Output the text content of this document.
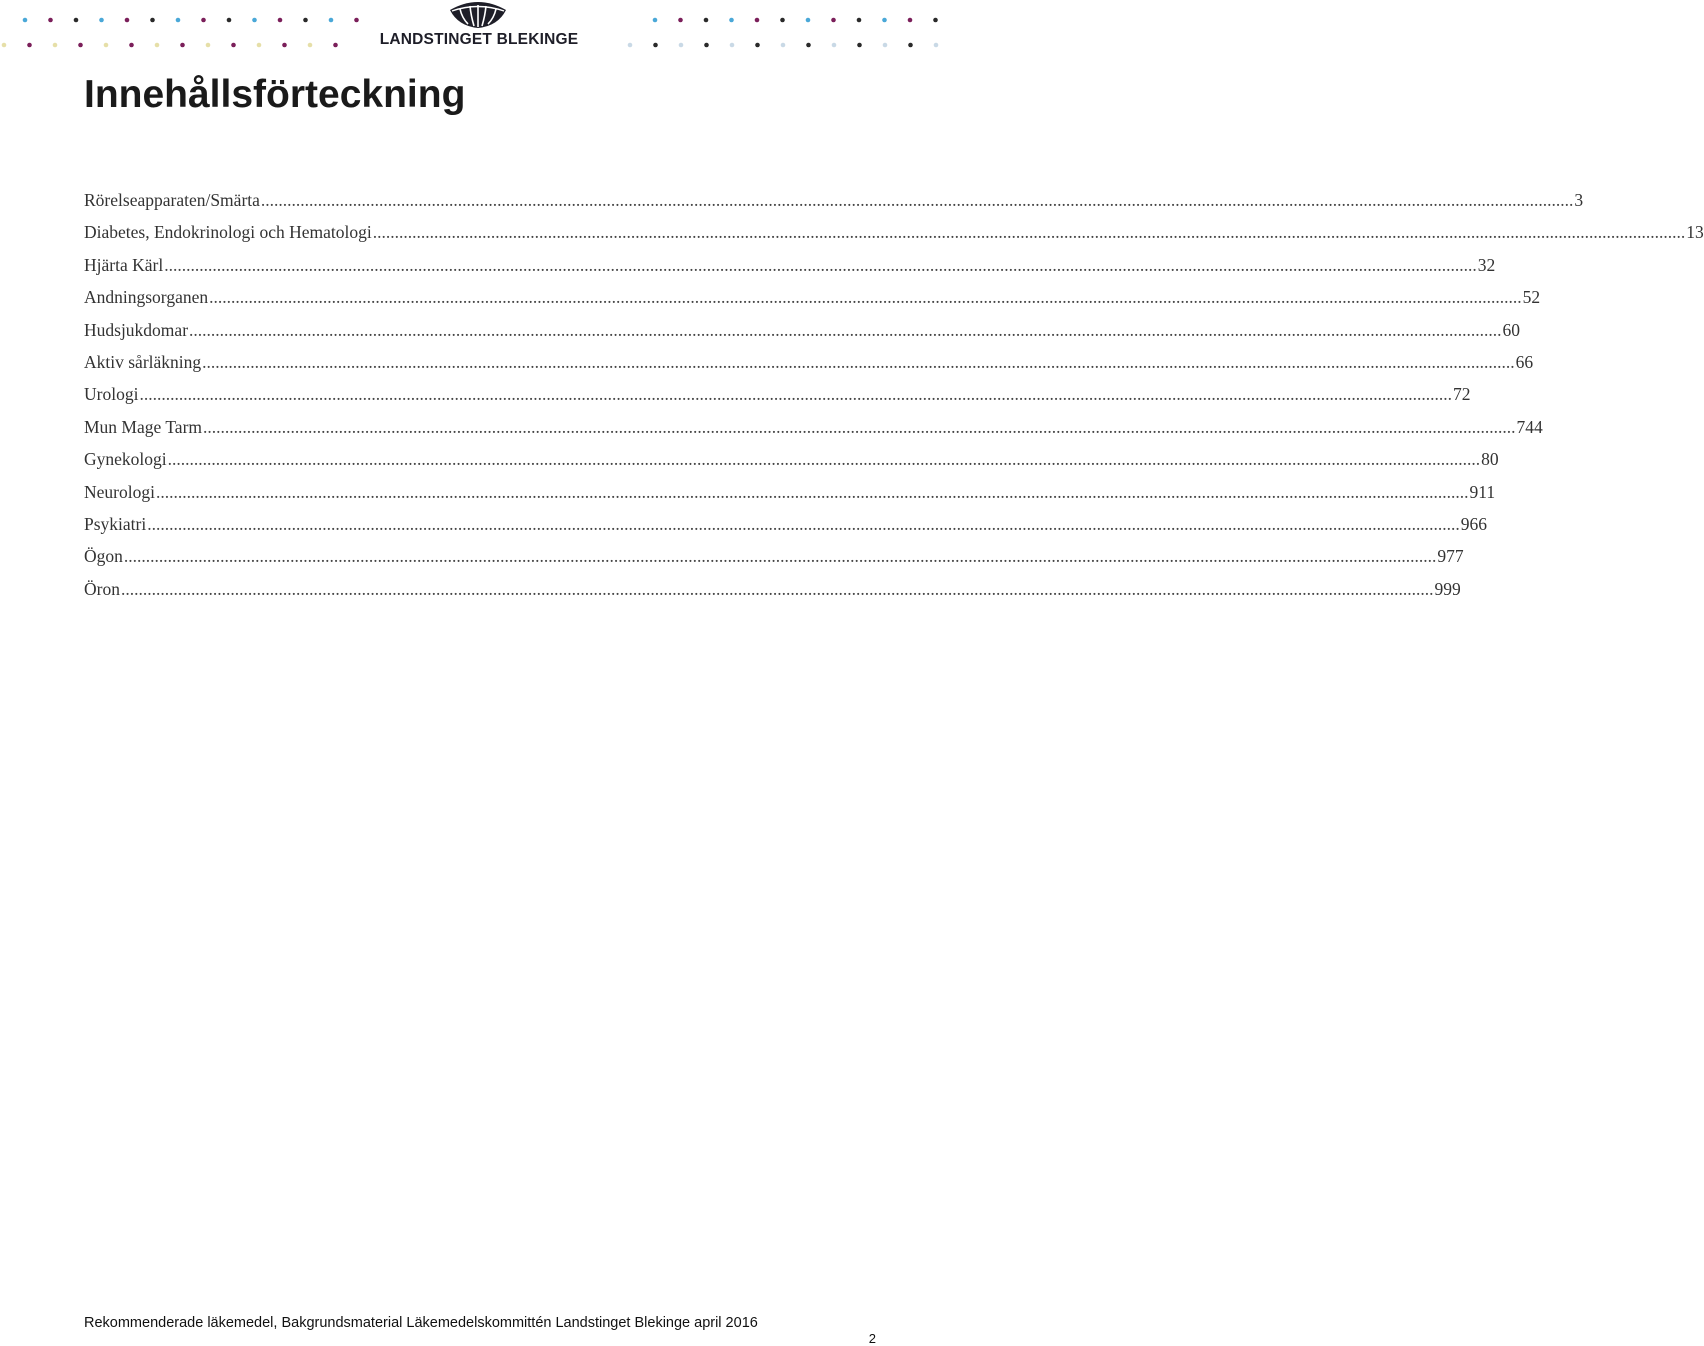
LANDSTINGET BLEKINGE
Innehållsförteckning
Rörelseapparaten/Smärta ............................................................................................................................................................................................................................................................................................................ 3
Diabetes, Endokrinologi och Hematologi ............................................................................................................................................................................................................................................................................................................ 13
Hjärta Kärl ............................................................................................................................................................................................................................................................................................................ 32
Andningsorganen ............................................................................................................................................................................................................................................................................................................ 52
Hudsjukdomar ............................................................................................................................................................................................................................................................................................................ 60
Aktiv sårläkning ............................................................................................................................................................................................................................................................................................................ 66
Urologi ............................................................................................................................................................................................................................................................................................................ 72
Mun Mage Tarm ............................................................................................................................................................................................................................................................................................................ 744
Gynekologi ............................................................................................................................................................................................................................................................................................................ 80
Neurologi ............................................................................................................................................................................................................................................................................................................ 911
Psykiatri ............................................................................................................................................................................................................................................................................................................ 966
Ögon ............................................................................................................................................................................................................................................................................................................ 977
Öron ............................................................................................................................................................................................................................................................................................................ 999
Rekommenderade läkemedel, Bakgrundsmaterial Läkemedelskommittén Landstinget Blekinge april 2016
2
